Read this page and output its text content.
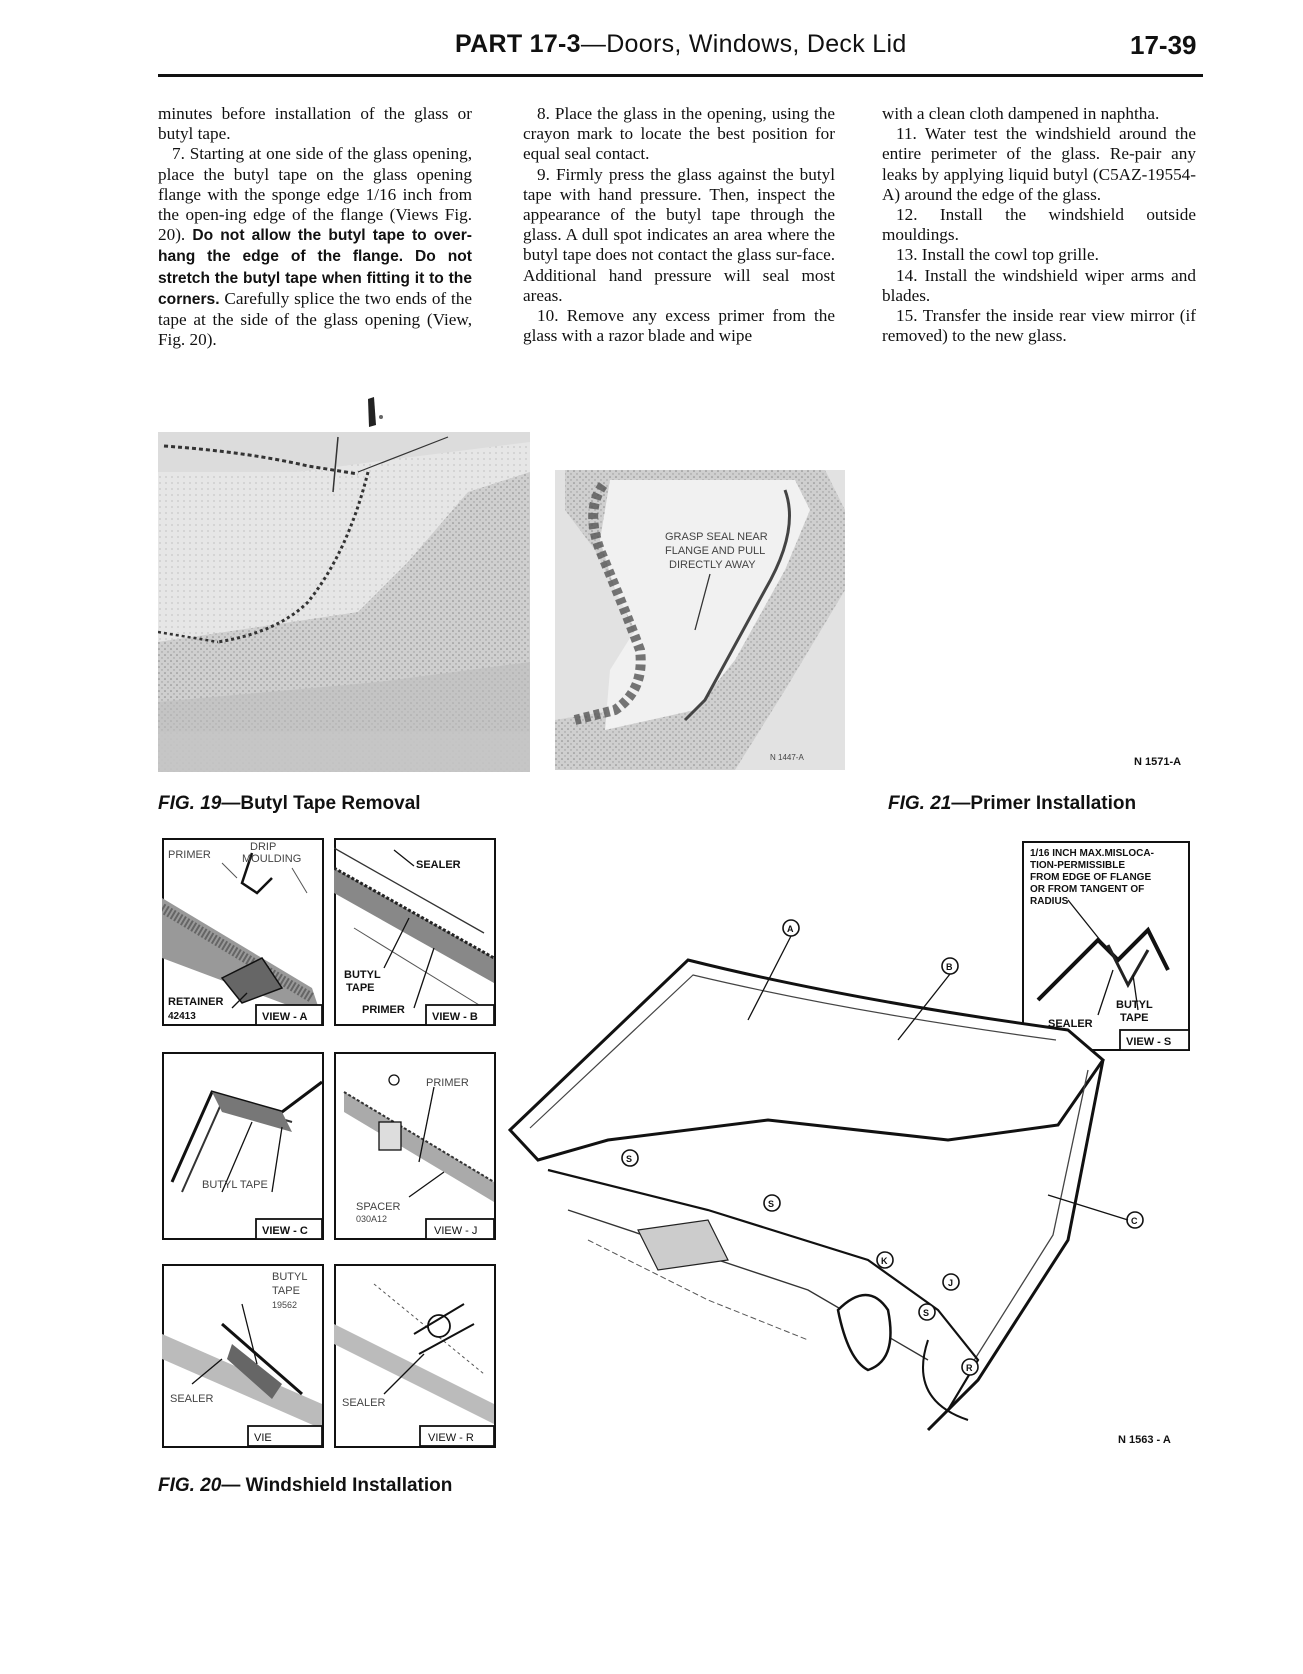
PART 17-3—Doors, Windows, Deck Lid	17-39

minutes before installation of the glass or butyl tape.

7. Starting at one side of the glass opening, place the butyl tape on the glass opening flange with the sponge edge 1/16 inch from the open-ing edge of the flange (Views Fig. 20). Do not allow the butyl tape to over-hang the edge of the flange. Do not stretch the butyl tape when fitting it to the corners. Carefully splice the two ends of the tape at the side of the glass opening (View, Fig. 20).

8. Place the glass in the opening, using the crayon mark to locate the best position for equal seal contact.

9. Firmly press the glass against the butyl tape with hand pressure. Then, inspect the appearance of the butyl tape through the glass. A dull spot indicates an area where the butyl tape does not contact the glass sur-face. Additional hand pressure will seal most areas.

10. Remove any excess primer from the glass with a razor blade and wipe

with a clean cloth dampened in naphtha.

11. Water test the windshield around the entire perimeter of the glass. Re-pair any leaks by applying liquid butyl (C5AZ-19554-A) around the edge of the glass.

12. Install the windshield outside mouldings.

13. Install the cowl top grille.

14. Install the windshield wiper arms and blades.

15. Transfer the inside rear view mirror (if removed) to the new glass.

GRASP SEAL NEAR
FLANGE AND PULL
DIRECTLY AWAY
N 1447-A	N 1571-A
FIG. 19—Butyl Tape Removal	FIG. 21—Primer Installation
PRIMER
DRIP
MOULDING
RETAINER
42413	VIEW - A
SEALER
BUTYL
TAPE
PRIMER
VIEW - B
BUTYL TAPE
VIEW - C
PRIMER
SPACER
030A12
VIEW - J
BUTYL
TAPE
19562
SEALER
VIE
SEALER
VIEW - R
1/16 INCH MAX.MISLOCA-
TION-PERMISSIBLE
FROM EDGE OF FLANGE
OR FROM TANGENT OF
RADIUS
BUTYL
TAPE
SEALER
VIEW - S
A
B
S
S
K
J
S
R
C
N 1563 - A
FIG. 20— Windshield Installation
